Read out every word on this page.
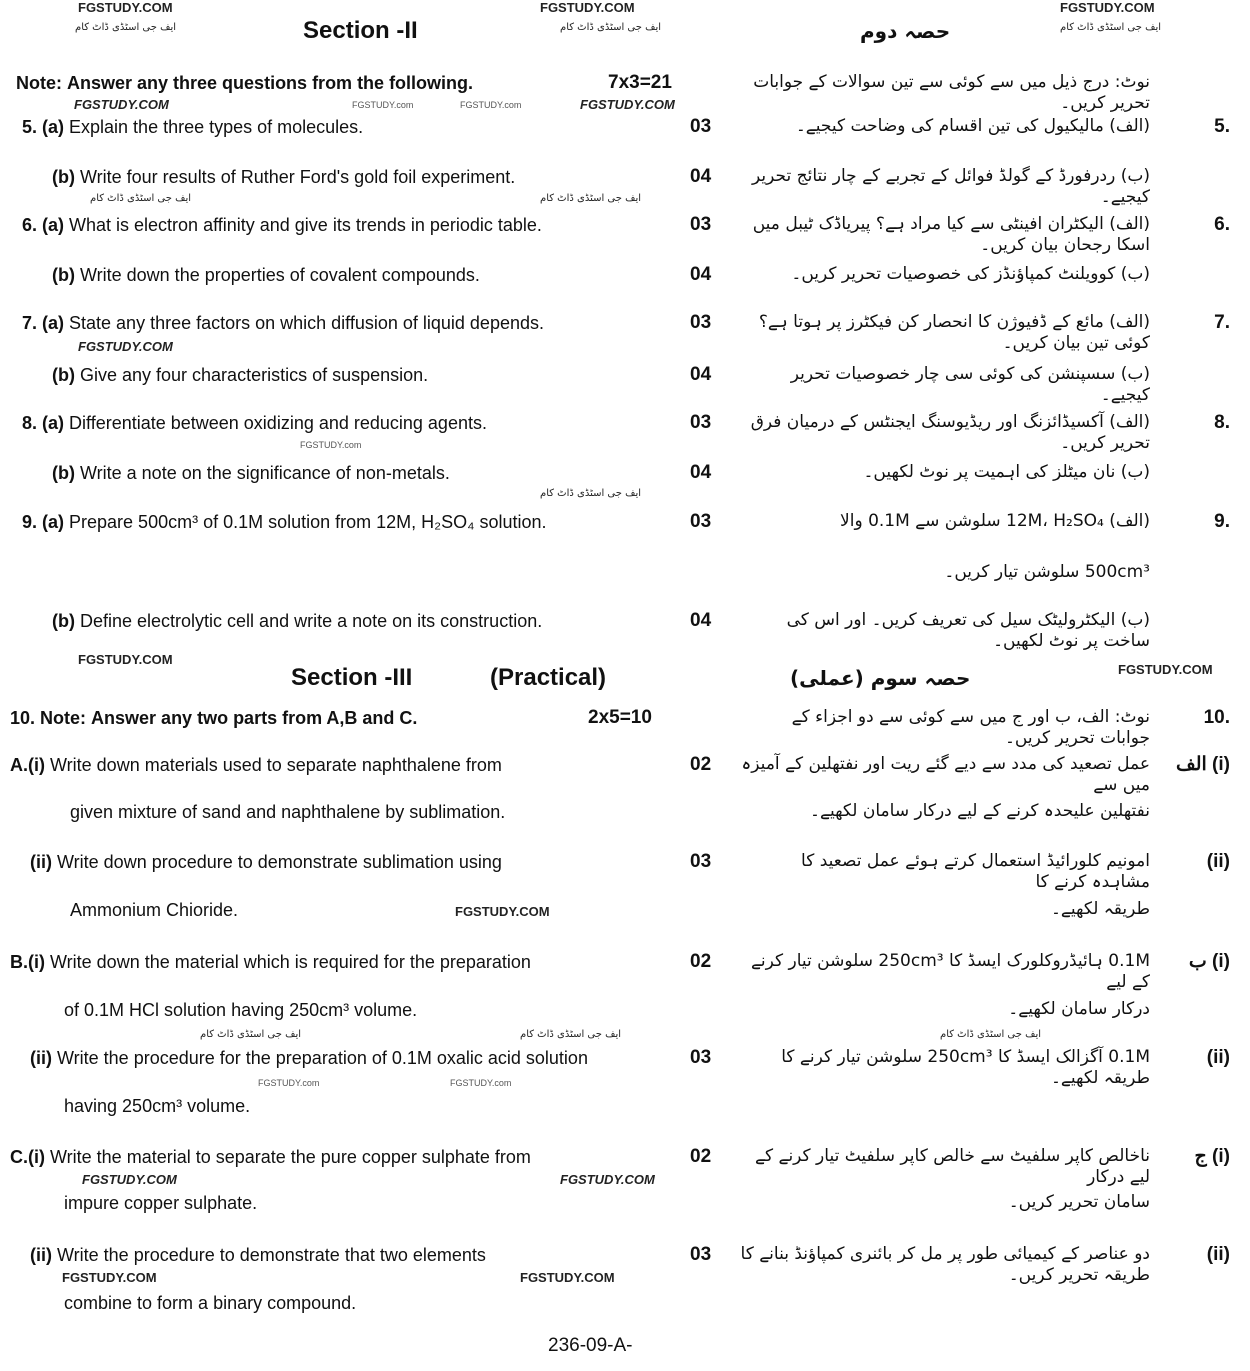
FGSTUDY.COM	FGSTUDY.COM	FGSTUDY.COM
ایف جی اسٹڈی ڈاٹ کام	ایف جی اسٹڈی ڈاٹ کام	ایف جی اسٹڈی ڈاٹ کام
Section -II	حصہ دوم
FGSTUDY.COM
FGSTUDY.COM
Section -III	(Practical)	حصہ سوم (عملی)
FGSTUDY.COM	FGSTUDY.com	FGSTUDY.COM
FGSTUDY.com
ایف جی اسٹڈی ڈاٹ کام	ایف جی اسٹڈی ڈاٹ کام
FGSTUDY.COM
FGSTUDY.com
ایف جی اسٹڈی ڈاٹ کام
FGSTUDY.COM
ایف جی اسٹڈی ڈاٹ کام	ایف جی اسٹڈی ڈاٹ کام	ایف جی اسٹڈی ڈاٹ کام
FGSTUDY.com	FGSTUDY.com
FGSTUDY.COM	FGSTUDY.COM
FGSTUDY.COM	FGSTUDY.COM
Note: Answer any three questions from the following.	7x3=21	نوٹ: درج ذیل میں سے کوئی سے تین سوالات کے جوابات تحریر کریں۔
5. (a) Explain the three types of molecules.	03	5.
(الف) مالیکیول کی تین اقسام کی وضاحت کیجیے۔
(b) Write four results of Ruther Ford's gold foil experiment.	04	(ب) ردرفورڈ کے گولڈ فوائل کے تجربے کے چار نتائج تحریر کیجیے۔
6. (a) What is electron affinity and give its trends in periodic table.	03	6.
(الف) الیکٹران افینٹی سے کیا مراد ہے؟ پیریاڈک ٹیبل میں اسکا رجحان بیان کریں۔
(b) Write down the properties of covalent compounds.	04	(ب) کوویلنٹ کمپاؤنڈز کی خصوصیات تحریر کریں۔
7. (a) State any three factors on which diffusion of liquid depends.	03	7.
(الف) مائع کے ڈفیوژن کا انحصار کن فیکٹرز پر ہوتا ہے؟ کوئی تین بیان کریں۔
(b) Give any four characteristics of suspension.	04	(ب) سسپنشن کی کوئی سی چار خصوصیات تحریر کیجیے۔
8. (a) Differentiate between oxidizing and reducing agents.	03	8.
(الف) آکسیڈائزنگ اور ریڈیوسنگ ایجنٹس کے درمیان فرق تحریر کریں۔
(b) Write a note on the significance of non-metals.	04	(ب) نان میٹلز کی اہمیت پر نوٹ لکھیں۔
9. (a) Prepare 500cm³ of 0.1M solution from 12M, H₂SO₄ solution.	03	9.
(الف) 12M، H₂SO₄ سلوشن سے 0.1M والا
500cm³ سلوشن تیار کریں۔
(b) Define electrolytic cell and write a note on its construction.	04	(ب) الیکٹرولیٹک سیل کی تعریف کریں۔ اور اس کی ساخت پر نوٹ لکھیں۔
10. Note: Answer any two parts from A,B and C.	2x5=10	10.
نوٹ: الف، ب اور ج میں سے کوئی سے دو اجزاء کے جوابات تحریر کریں۔
A.(i) Write down materials used to separate naphthalene from	02	الف (i)
عمل تصعید کی مدد سے دیے گئے ریت اور نفتھلین کے آمیزہ میں سے
given mixture of sand and naphthalene by sublimation.	نفتھلین علیحدہ کرنے کے لیے درکار سامان لکھیے۔
(ii) Write down procedure to demonstrate sublimation using	03	(ii)
امونیم کلورائیڈ استعمال کرتے ہوئے عمل تصعید کا مشاہدہ کرنے کا
Ammonium Chioride.	طریقہ لکھیے۔
B.(i) Write down the material which is required for the preparation	02	ب (i)
0.1M ہائیڈروکلورک ایسڈ کا 250cm³ سلوشن تیار کرنے کے لیے
of 0.1M HCl solution having 250cm³ volume.	درکار سامان لکھیے۔
(ii) Write the procedure for the preparation of 0.1M oxalic acid solution	03	(ii)
0.1M آگزالک ایسڈ کا 250cm³ سلوشن تیار کرنے کا طریقہ لکھیے۔
having 250cm³ volume.
C.(i) Write the material to separate the pure copper sulphate from	02	ج (i)
ناخالص کاپر سلفیٹ سے خالص کاپر سلفیٹ تیار کرنے کے لیے درکار
impure copper sulphate.	سامان تحریر کریں۔
(ii) Write the procedure to demonstrate that two elements	03	(ii)
دو عناصر کے کیمیائی طور پر مل کر بائنری کمپاؤنڈ بنانے کا طریقہ تحریر کریں۔
combine to form a binary compound.
236-09-A-
